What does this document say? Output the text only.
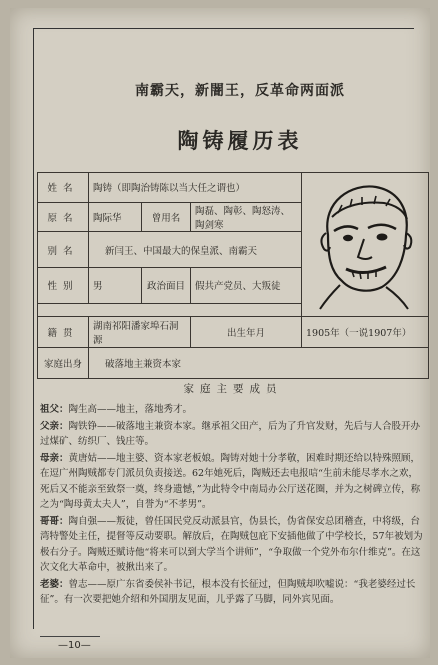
南霸天，新闇王，反革命两面派
陶铸履历表
姓名	陶铸（即陶治铸陈以当大任之谓也）	
原名	陶际华	曾用名	陶磊、陶彰、陶怒涛、陶剑寒	
别名	新闫王、中国最大的保皇派、南霸天			
性别	男	政治面目	假共产党员、大叛徒	

籍贯	湖南祁阳潘家埠石洞源		出生年月	1905年（一说1907年）
家庭出身	破落地主兼资本家			
家庭主要成员
祖父：陶生高——地主，落地秀才。
父亲：陶铁铮——破落地主兼资本家。继承祖父田产，后为了升官发财，先后与人合股开办过煤矿、纺织厂、钱庄等。
母亲：黄唐姑——地主婆、资本家老板娘。陶铸对她十分孝敬，困难时期还给以特殊照顾，在逗广州陶贼都专门派员负责接送。62年她死后，陶贼还去电报唁“生前未能尽孝水之欢，死后又不能亲至致祭一奠，终身遗憾，”为此特令中南局办公厅送花圈，并为之树碑立传，称之为“陶母黄太夫人”，自誉为“不孝男”。
哥哥：陶自强——叛徒，曾任国民党反动派县官，伪县长，伪省保安总团稽查，中将级，台湾特警处主任，提督等反动要职。解放后，在陶贼包庇下安插他做了中学校长，57年被划为极右分子。陶贼还赋诗他“将来可以到大学当个讲师”，“争取做一个党外布尔什维克”。在这次文化大革命中，被揪出来了。
老婆：曾志——原广东省委侯补书记，根本没有长征过，但陶贼却吹嘘说：“我老婆经过长征”。有一次要把她介绍和外国朋友见面，儿乎露了马脚，同外宾见面。
—10—
